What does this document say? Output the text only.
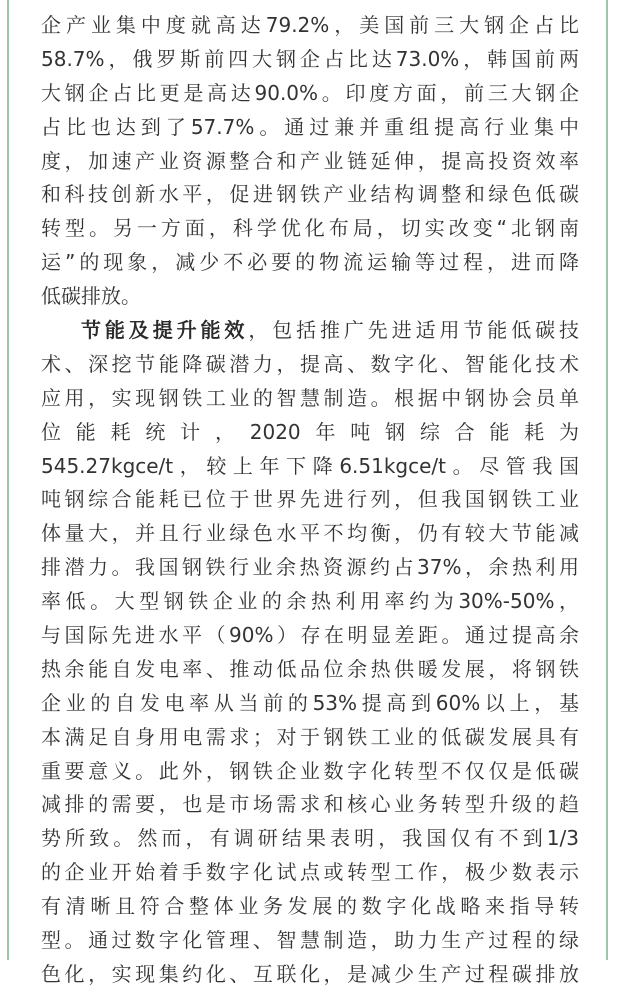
企产业集中度就高达79.2%，美国前三大钢企占比
58.7%，俄罗斯前四大钢企占比达73.0%，韩国前两
大钢企占比更是高达90.0%。印度方面，前三大钢企
占比也达到了57.7%。通过兼并重组提高行业集中
度，加速产业资源整合和产业链延伸，提高投资效率
和科技创新水平，促进钢铁产业结构调整和绿色低碳
转型。另一方面，科学优化布局，切实改变“北钢南
运”的现象，减少不必要的物流运输等过程，进而降
低碳排放。
节能及提升能效，包括推广先进适用节能低碳技
术、深挖节能降碳潜力，提高、数字化、智能化技术
应用，实现钢铁工业的智慧制造。根据中钢协会员单
位能耗统计，2020年吨钢综合能耗为
545.27kgce/t，较上年下降6.51kgce/t。尽管我国
吨钢综合能耗已位于世界先进行列，但我国钢铁工业
体量大，并且行业绿色水平不均衡，仍有较大节能减
排潜力。我国钢铁行业余热资源约占37%，余热利用
率低。大型钢铁企业的余热利用率约为30%-50%，
与国际先进水平（90%）存在明显差距。通过提高余
热余能自发电率、推动低品位余热供暖发展，将钢铁
企业的自发电率从当前的53%提高到60%以上，基
本满足自身用电需求；对于钢铁工业的低碳发展具有
重要意义。此外，钢铁企业数字化转型不仅仅是低碳
减排的需要，也是市场需求和核心业务转型升级的趋
势所致。然而，有调研结果表明，我国仅有不到1/3
的企业开始着手数字化试点或转型工作，极少数表示
有清晰且符合整体业务发展的数字化战略来指导转
型。通过数字化管理、智慧制造，助力生产过程的绿
色化，实现集约化、互联化，是减少生产过程碳排放
